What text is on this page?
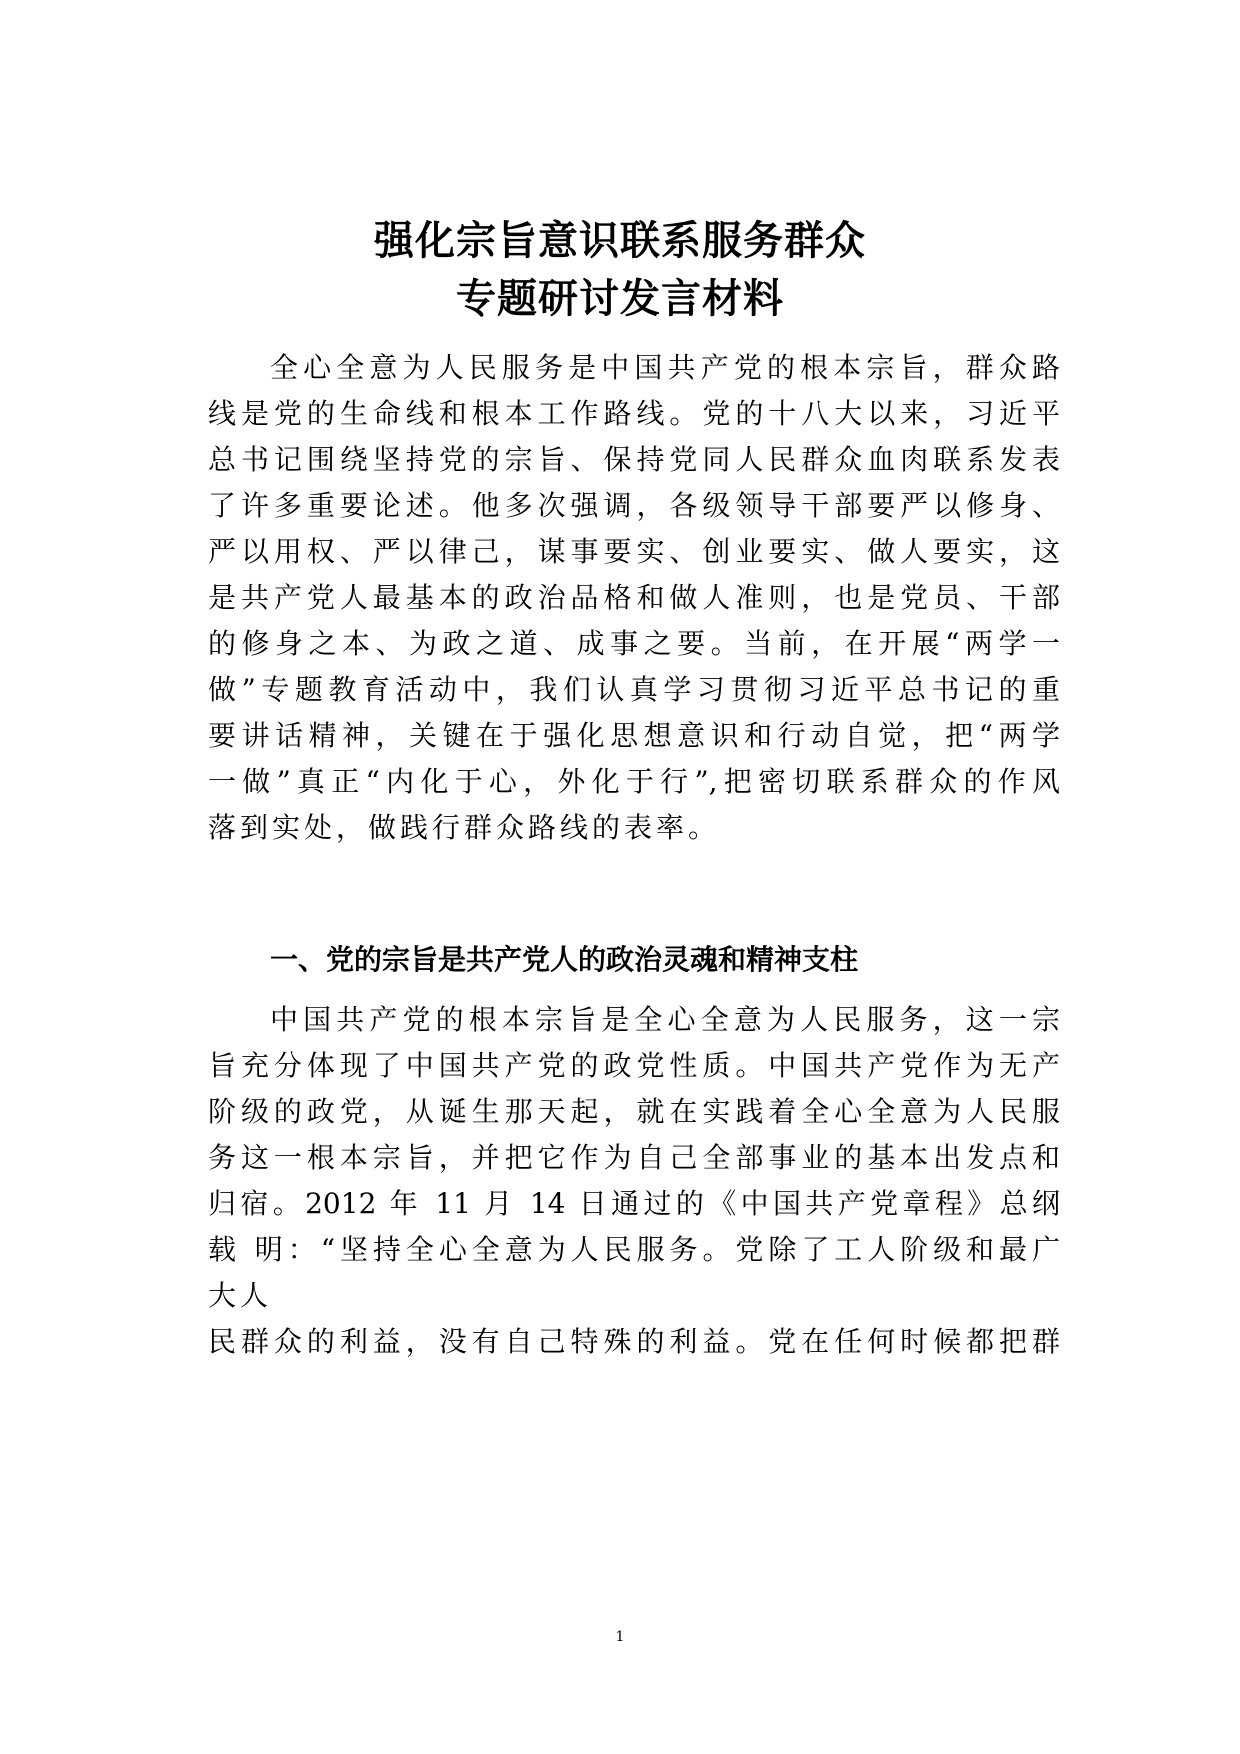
强化宗旨意识联系服务群众
专题研讨发言材料
全心全意为人民服务是中国共产党的根本宗旨，群众路
线是党的生命线和根本工作路线。党的十八大以来，习近平
总书记围绕坚持党的宗旨、保持党同人民群众血肉联系发表
了许多重要论述。他多次强调，各级领导干部要严以修身、
严以用权、严以律己，谋事要实、创业要实、做人要实，这
是共产党人最基本的政治品格和做人准则，也是党员、干部
的修身之本、为政之道、成事之要。当前，在开展“两学一
做”专题教育活动中，我们认真学习贯彻习近平总书记的重
要讲话精神，关键在于强化思想意识和行动自觉，把“两学
一做”真正“内化于心，外化于行”,把密切联系群众的作风
落到实处，做践行群众路线的表率。
一、党的宗旨是共产党人的政治灵魂和精神支柱
中国共产党的根本宗旨是全心全意为人民服务，这一宗
旨充分体现了中国共产党的政党性质。中国共产党作为无产
阶级的政党，从诞生那天起，就在实践着全心全意为人民服
务这一根本宗旨，并把它作为自己全部事业的基本出发点和
归宿。2012 年 11 月 14 日通过的《中国共产党章程》总纲
载 明：“坚持全心全意为人民服务。党除了工人阶级和最广
大人
民群众的利益，没有自己特殊的利益。党在任何时候都把群
1
